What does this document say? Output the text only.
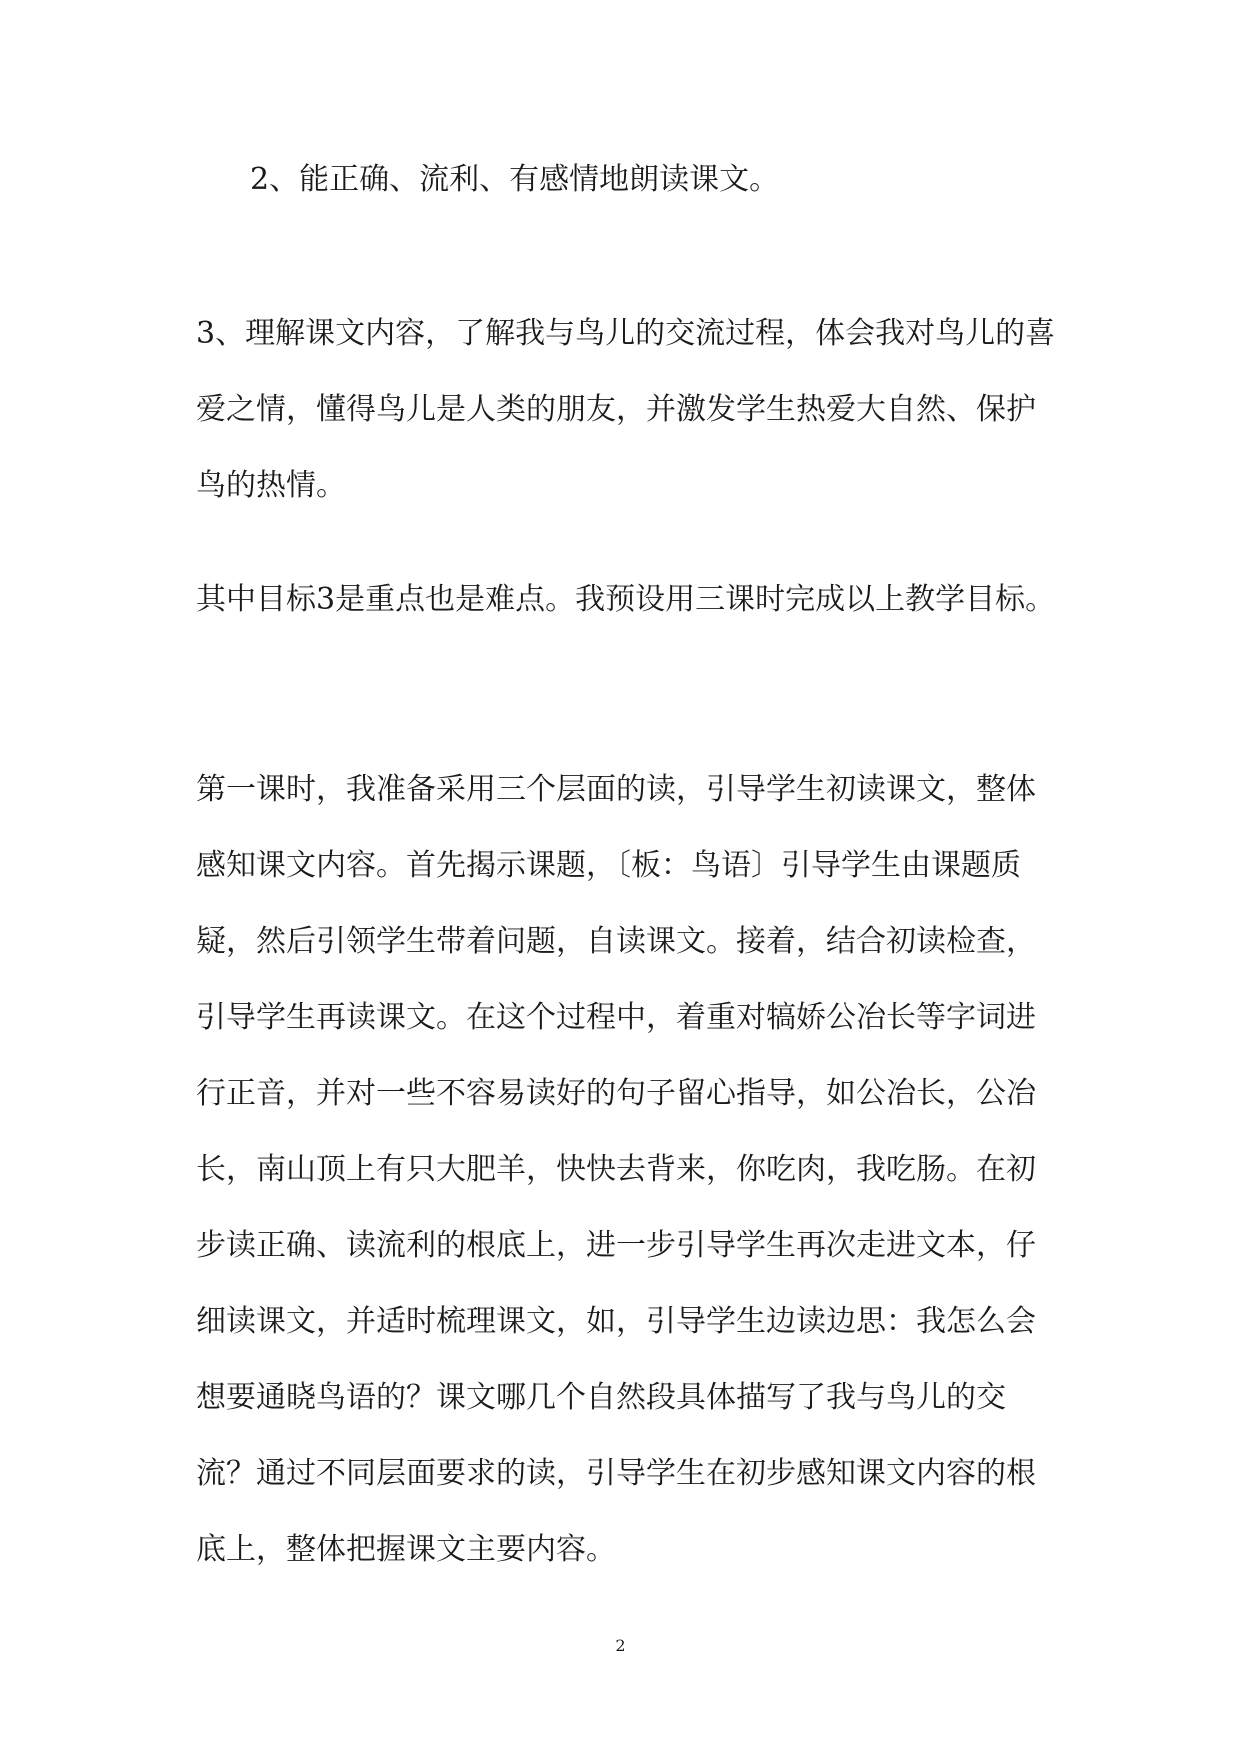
2、能正确、流利、有感情地朗读课文。

3、理解课文内容，了解我与鸟儿的交流过程，体会我对鸟儿的喜爱之情，懂得鸟儿是人类的朋友，并激发学生热爱大自然、保护鸟的热情。

其中目标3是重点也是难点。我预设用三课时完成以上教学目标。

第一课时，我准备采用三个层面的读，引导学生初读课文，整体感知课文内容。首先揭示课题，〔板：鸟语〕引导学生由课题质疑，然后引领学生带着问题，自读课文。接着，结合初读检查，引导学生再读课文。在这个过程中，着重对犒娇公冶长等字词进行正音，并对一些不容易读好的句子留心指导，如公冶长，公冶长，南山顶上有只大肥羊，快快去背来，你吃肉，我吃肠。在初步读正确、读流利的根底上，进一步引导学生再次走进文本，仔细读课文，并适时梳理课文，如，引导学生边读边思：我怎么会想要通晓鸟语的？课文哪几个自然段具体描写了我与鸟儿的交流？通过不同层面要求的读，引导学生在初步感知课文内容的根底上，整体把握课文主要内容。

2
